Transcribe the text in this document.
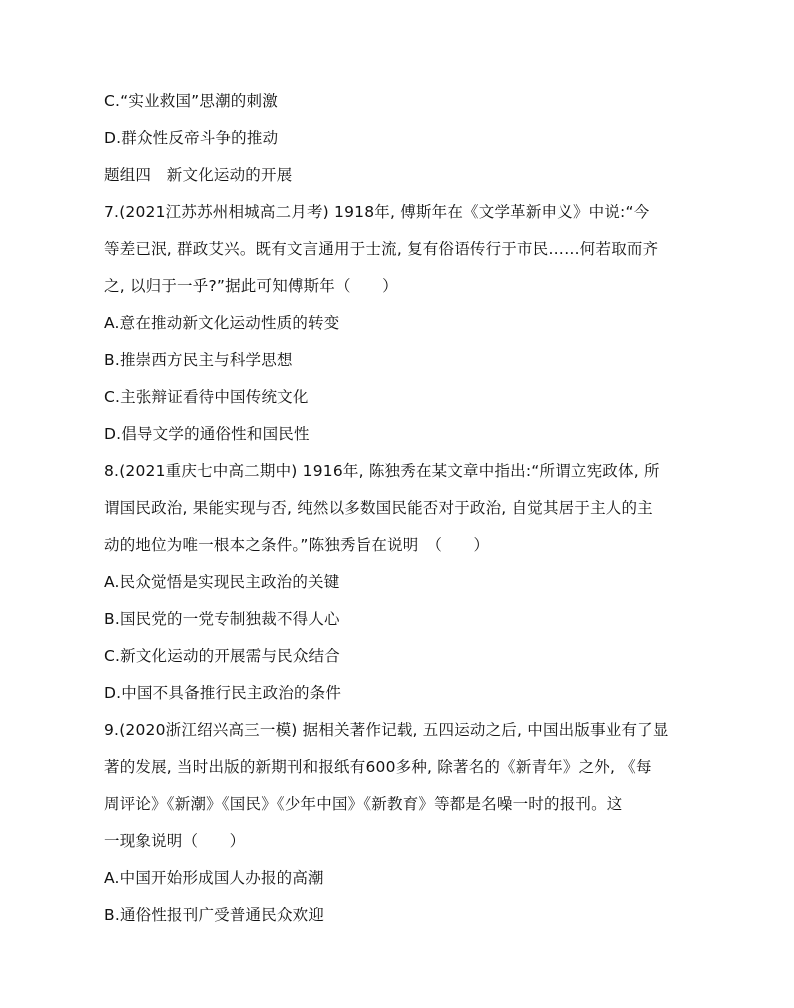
C.“实业救国”思潮的刺激
D.群众性反帝斗争的推动
题组四　新文化运动的开展
7.(2021江苏苏州相城高二月考) 1918年, 傅斯年在《文学革新申义》中说:“今
等差已泯, 群政艾兴。既有文言通用于士流, 复有俗语传行于市民……何若取而齐
之, 以归于一乎?”据此可知傅斯年（　　）
A.意在推动新文化运动性质的转变
B.推崇西方民主与科学思想
C.主张辩证看待中国传统文化
D.倡导文学的通俗性和国民性
8.(2021重庆七中高二期中) 1916年, 陈独秀在某文章中指出:“所谓立宪政体, 所
谓国民政治, 果能实现与否, 纯然以多数国民能否对于政治, 自觉其居于主人的主
动的地位为唯一根本之条件。”陈独秀旨在说明　（　　）
A.民众觉悟是实现民主政治的关键
B.国民党的一党专制独裁不得人心
C.新文化运动的开展需与民众结合
D.中国不具备推行民主政治的条件
9.(2020浙江绍兴高三一模) 据相关著作记载, 五四运动之后, 中国出版事业有了显
著的发展, 当时出版的新期刊和报纸有600多种, 除著名的《新青年》之外, 《每
周评论》《新潮》《国民》《少年中国》《新教育》等都是名噪一时的报刊。这
一现象说明（　　）
A.中国开始形成国人办报的高潮
B.通俗性报刊广受普通民众欢迎
